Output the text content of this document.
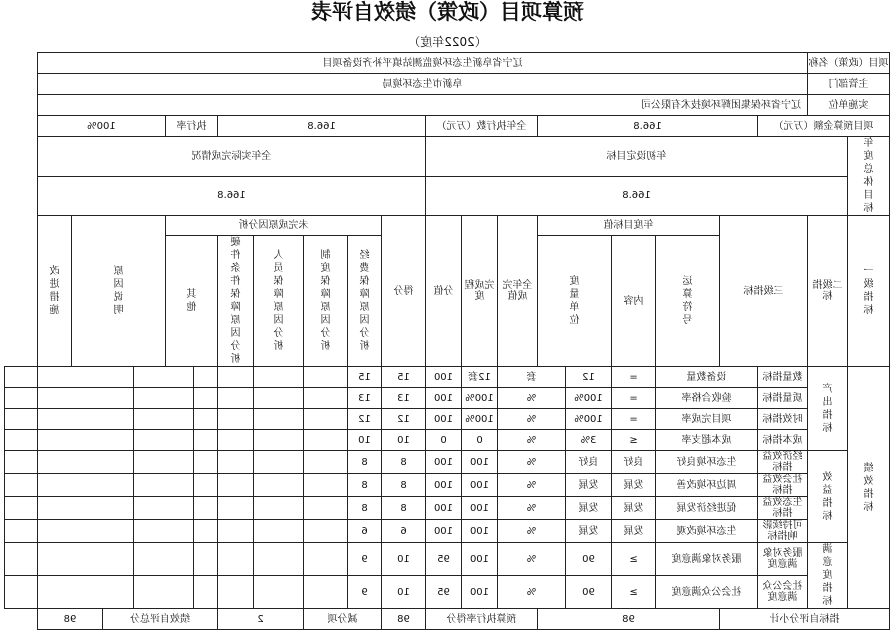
预算项目（政策）绩效自评表
（2022年度）
项目（政策）名称		辽宁省阜新生态环境监测站填平补齐设备项目																				
主管部门		阜新市生态环境局																				
实施单位		辽宁省环保集团辉环境技术有限公司																				
项目预算金额（万元）			166.8					全年执行数（万元）			166.8					执行率		100%				
年度总体目标	年初设定目标										全年实际完成情况											
	166.8										166.8											
一级指标	二级指标	三级指标		年度目标值				全年完成值	完成程度	分值	得分	未完成原因分析						原因说明			改进措施	
				运算符号	内容	度量单位						经费保障原因分析	制度保障原因分析	人员保障原因分析	硬件条件保障原因分析	其他						
绩效指标	产出指标	数量指标	设备数量		=	12	套		12套	100	15	15										
		质量指标	验收合格率		=	100%	%		100%	100	13	13										
		时效指标	项目完成率		=	100%	%		100%	100	12	12										
		成本指标	成本超支率		≤	3%	%		0	0	10	10										
	效益指标	经济效益指标	生态环境良好		良好	良好	%		100	100	8	8										
		社会效益指标	周边环境改善		发展	发展	%		100	100	8	8										
		生态效益指标	促进经济发展		发展	发展	%		100	100	8	8										
		可持续影响指标	生态环境改观		发展	发展	%		100	100	6	6										
	满意度指标	服务对象满意度	服务对象满意度		≥	90	%		100	95	10	9										
		社会公众满意度	社会公众满意度		≥	90	%		100	95	10	9										
指标自评分小计				98				预算执行率得分			98	减分项		2		绩效自评总分				98		
